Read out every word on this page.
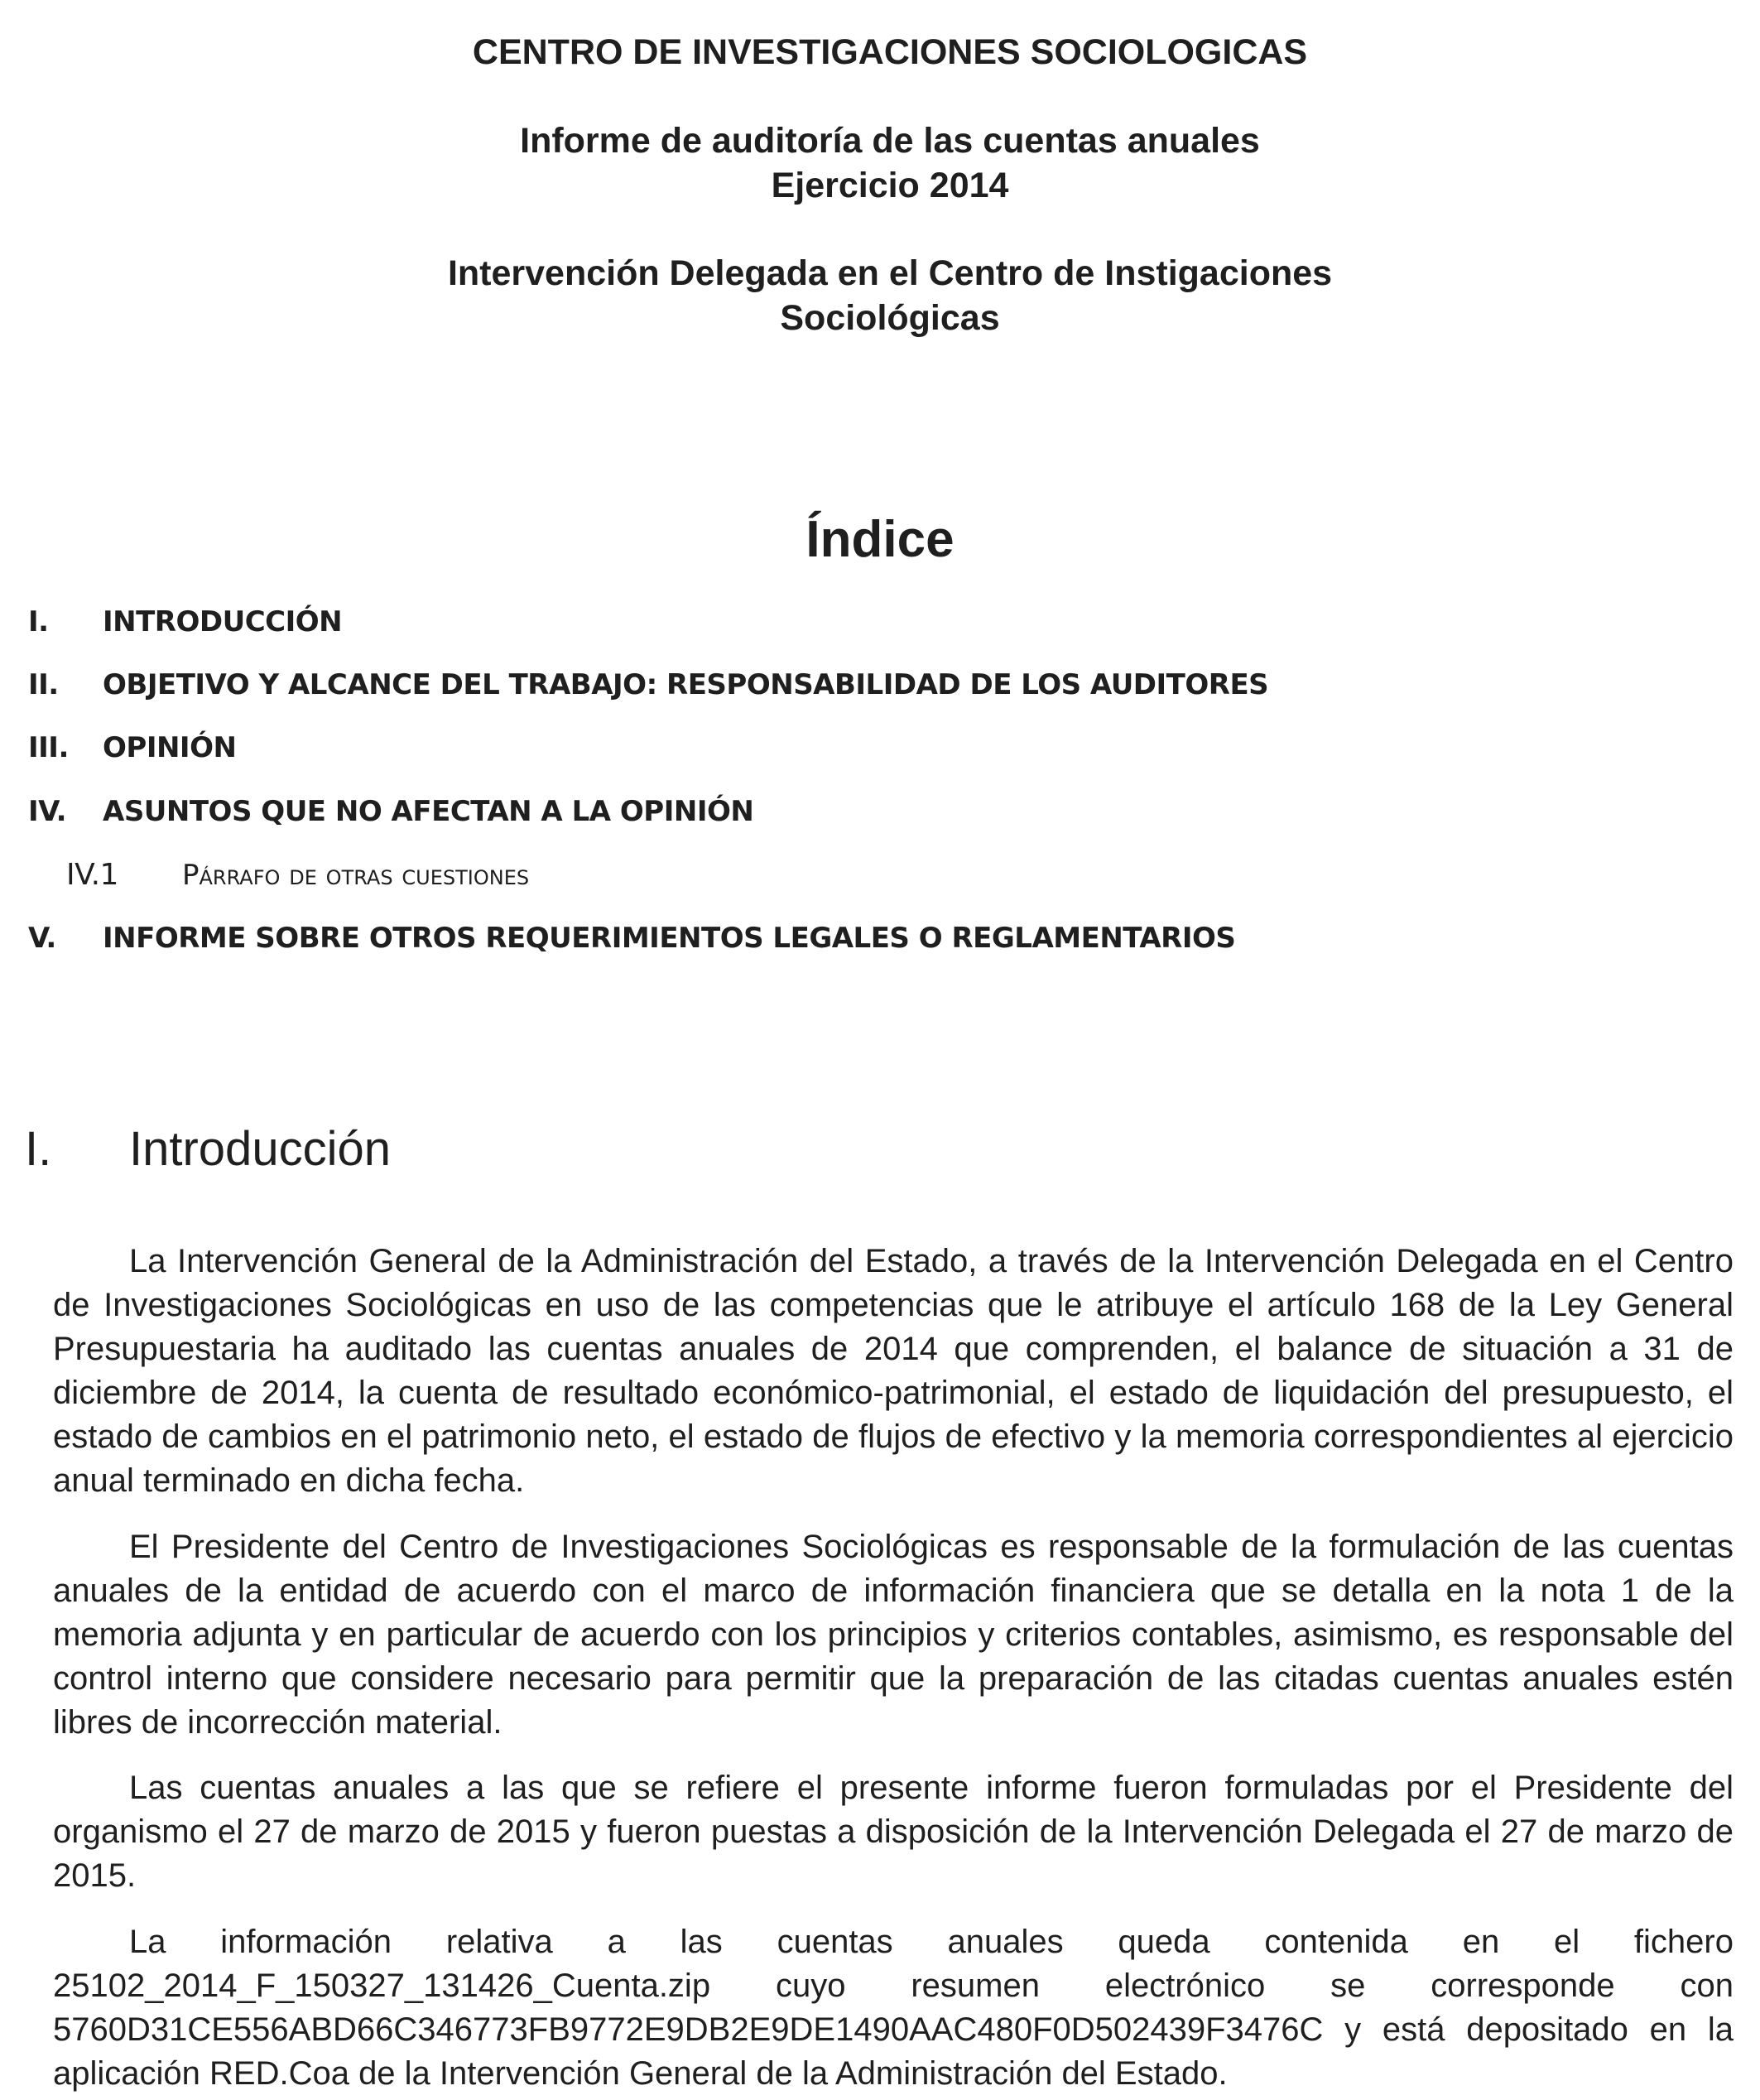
CENTRO DE INVESTIGACIONES SOCIOLOGICAS
Informe de auditoría de las cuentas anuales
Ejercicio 2014
Intervención Delegada en el Centro de Instigaciones
Sociológicas
Índice
I. INTRODUCCIÓN
II. OBJETIVO Y ALCANCE DEL TRABAJO: RESPONSABILIDAD DE LOS AUDITORES
III. OPINIÓN
IV. ASUNTOS QUE NO AFECTAN A LA OPINIÓN
IV.1 Párrafo de otras cuestiones
V. INFORME SOBRE OTROS REQUERIMIENTOS LEGALES O REGLAMENTARIOS
I. Introducción

La Intervención General de la Administración del Estado, a través de la Intervención Delegada en el Centro de Investigaciones Sociológicas en uso de las competencias que le atribuye el artículo 168 de la Ley General Presupuestaria ha auditado las cuentas anuales de 2014 que comprenden, el balance de situación a 31 de diciembre de 2014, la cuenta de resultado económico-patrimonial, el estado de liquidación del presupuesto, el estado de cambios en el patrimonio neto, el estado de flujos de efectivo y la memoria correspondientes al ejercicio anual terminado en dicha fecha.

El Presidente del Centro de Investigaciones Sociológicas es responsable de la formulación de las cuentas anuales de la entidad de acuerdo con el marco de información financiera que se detalla en la nota 1 de la memoria adjunta y en particular de acuerdo con los principios y criterios contables, asimismo, es responsable del control interno que considere necesario para permitir que la preparación de las citadas cuentas anuales estén libres de incorrección material.

Las cuentas anuales a las que se refiere el presente informe fueron formuladas por el Presidente del organismo el 27 de marzo de 2015 y fueron puestas a disposición de la Intervención Delegada el 27 de marzo de 2015.

La información relativa a las cuentas anuales queda contenida en el fichero 25102_2014_F_150327_131426_Cuenta.zip cuyo resumen electrónico se corresponde con 5760D31CE556ABD66C346773FB9772E9DB2E9DE1490AAC480F0D502439F3476C y está depositado en la aplicación RED.Coa de la Intervención General de la Administración del Estado.
